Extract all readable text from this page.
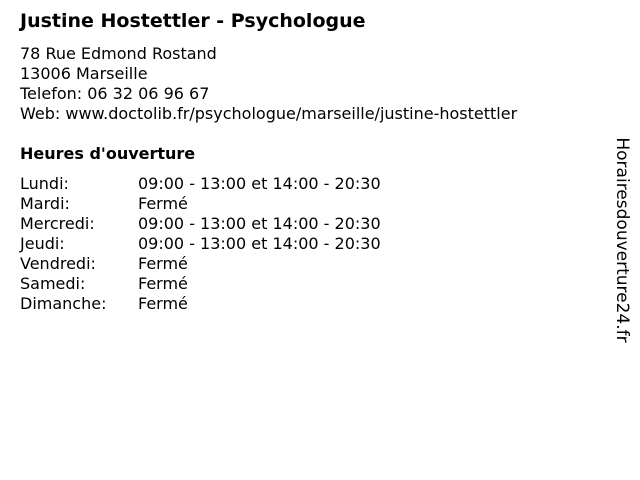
Justine Hostettler - Psychologue
78 Rue Edmond Rostand
13006 Marseille
Telefon: 06 32 06 96 67
Web: www.doctolib.fr/psychologue/marseille/justine-hostettler
Heures d'ouverture
Lundi:	09:00 - 13:00 et 14:00 - 20:30
Mardi:	Fermé
Mercredi:	09:00 - 13:00 et 14:00 - 20:30
Jeudi:	09:00 - 13:00 et 14:00 - 20:30
Vendredi:	Fermé
Samedi:	Fermé
Dimanche: Fermé	Horairesdouverture24.fr
